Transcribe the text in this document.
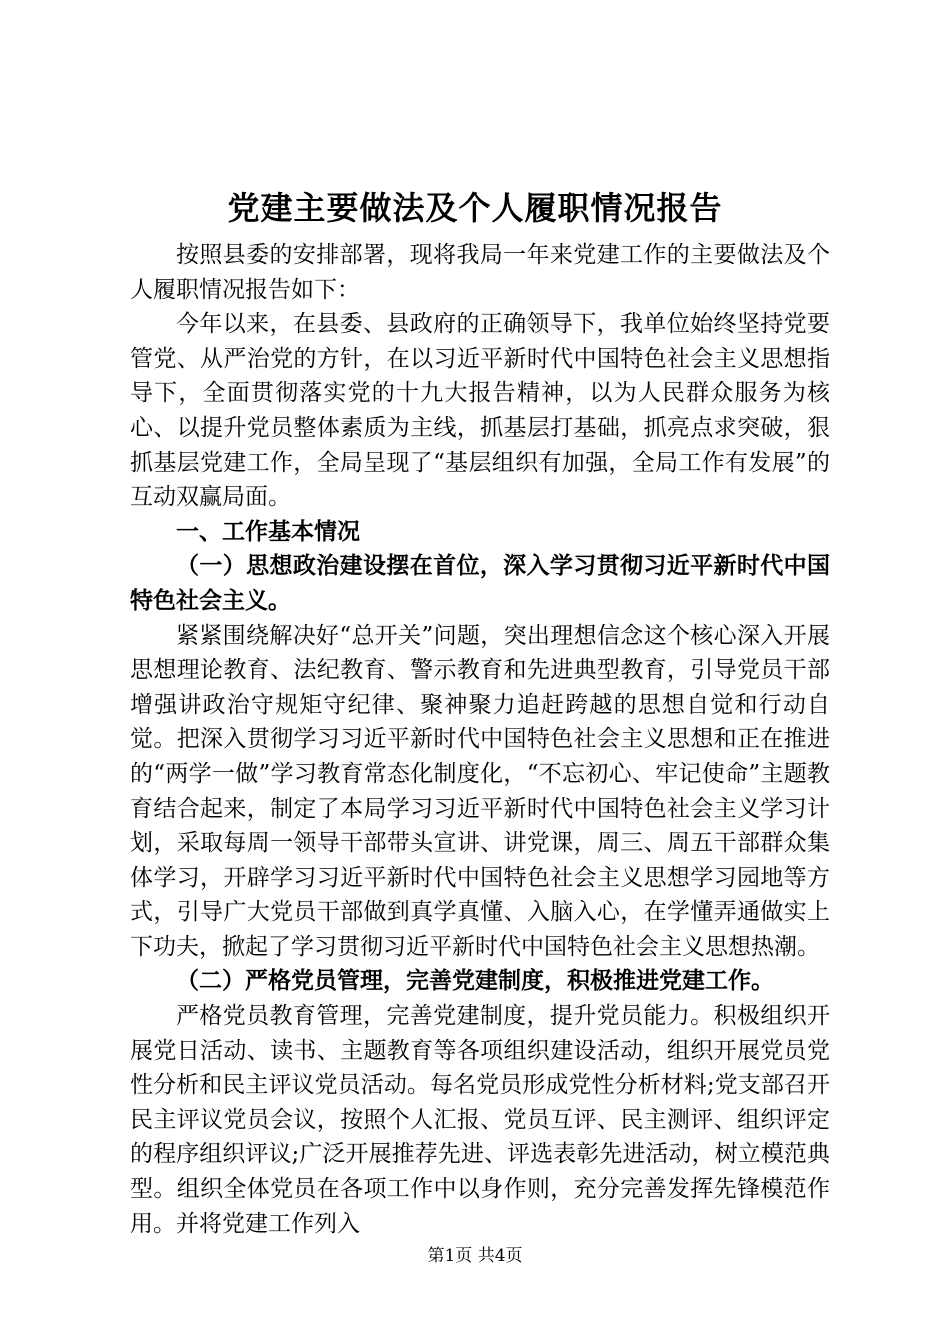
党建主要做法及个人履职情况报告

按照县委的安排部署，现将我局一年来党建工作的主要做法及个人履职情况报告如下：

今年以来，在县委、县政府的正确领导下，我单位始终坚持党要管党、从严治党的方针，在以习近平新时代中国特色社会主义思想指导下，全面贯彻落实党的十九大报告精神，以为人民群众服务为核心、以提升党员整体素质为主线，抓基层打基础，抓亮点求突破，狠抓基层党建工作，全局呈现了“基层组织有加强，全局工作有发展”的互动双赢局面。

一、工作基本情况

（一）思想政治建设摆在首位，深入学习贯彻习近平新时代中国特色社会主义。

紧紧围绕解决好“总开关”问题，突出理想信念这个核心深入开展思想理论教育、法纪教育、警示教育和先进典型教育，引导党员干部增强讲政治守规矩守纪律、聚神聚力追赶跨越的思想自觉和行动自觉。把深入贯彻学习习近平新时代中国特色社会主义思想和正在推进的“两学一做”学习教育常态化制度化，“不忘初心、牢记使命”主题教育结合起来，制定了本局学习习近平新时代中国特色社会主义学习计划，采取每周一领导干部带头宣讲、讲党课，周三、周五干部群众集体学习，开辟学习习近平新时代中国特色社会主义思想学习园地等方式，引导广大党员干部做到真学真懂、入脑入心，在学懂弄通做实上下功夫，掀起了学习贯彻习近平新时代中国特色社会主义思想热潮。

（二）严格党员管理，完善党建制度，积极推进党建工作。

严格党员教育管理，完善党建制度，提升党员能力。积极组织开展党日活动、读书、主题教育等各项组织建设活动，组织开展党员党性分析和民主评议党员活动。每名党员形成党性分析材料;党支部召开民主评议党员会议，按照个人汇报、党员互评、民主测评、组织评定的程序组织评议;广泛开展推荐先进、评选表彰先进活动，树立模范典型。组织全体党员在各项工作中以身作则，充分完善发挥先锋模范作用。并将党建工作列入

第1页 共4页
